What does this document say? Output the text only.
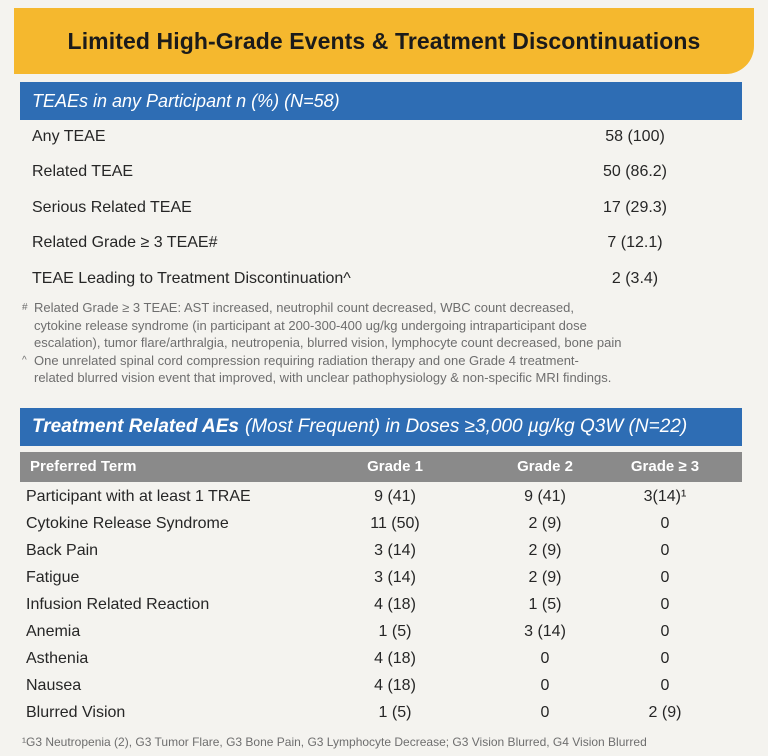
Limited High-Grade Events & Treatment Discontinuations
TEAEs in any Participant n (%) (N=58)
Any TEAE	58 (100)
Related TEAE	50 (86.2)
Serious Related TEAE	17 (29.3)
Related Grade ≥ 3 TEAE#	7 (12.1)
TEAE Leading to Treatment Discontinuation^	2 (3.4)
# Related Grade ≥ 3 TEAE: AST increased, neutrophil count decreased, WBC count decreased,
cytokine release syndrome (in participant at 200-300-400 ug/kg undergoing intraparticipant dose
escalation), tumor flare/arthralgia, neutropenia, blurred vision, lymphocyte count decreased, bone pain
^ One unrelated spinal cord compression requiring radiation therapy and one Grade 4 treatment-
related blurred vision event that improved, with unclear pathophysiology & non-specific MRI findings.
Treatment Related AEs (Most Frequent) in Doses ≥3,000 µg/kg Q3W (N=22)
Preferred Term	Grade 1	Grade 2	Grade ≥ 3
Participant with at least 1 TRAE	9 (41)	9 (41)	3(14)¹
Cytokine Release Syndrome	11 (50)	2 (9)	0
Back Pain	3 (14)	2 (9)	0
Fatigue	3 (14)	2 (9)	0
Infusion Related Reaction	4 (18)	1 (5)	0
Anemia	1 (5)	3 (14)	0
Asthenia	4 (18)	0	0
Nausea	4 (18)	0	0
Blurred Vision	1 (5)	0	2 (9)
¹G3 Neutropenia (2), G3 Tumor Flare, G3 Bone Pain, G3 Lymphocyte Decrease; G3 Vision Blurred, G4 Vision Blurred
